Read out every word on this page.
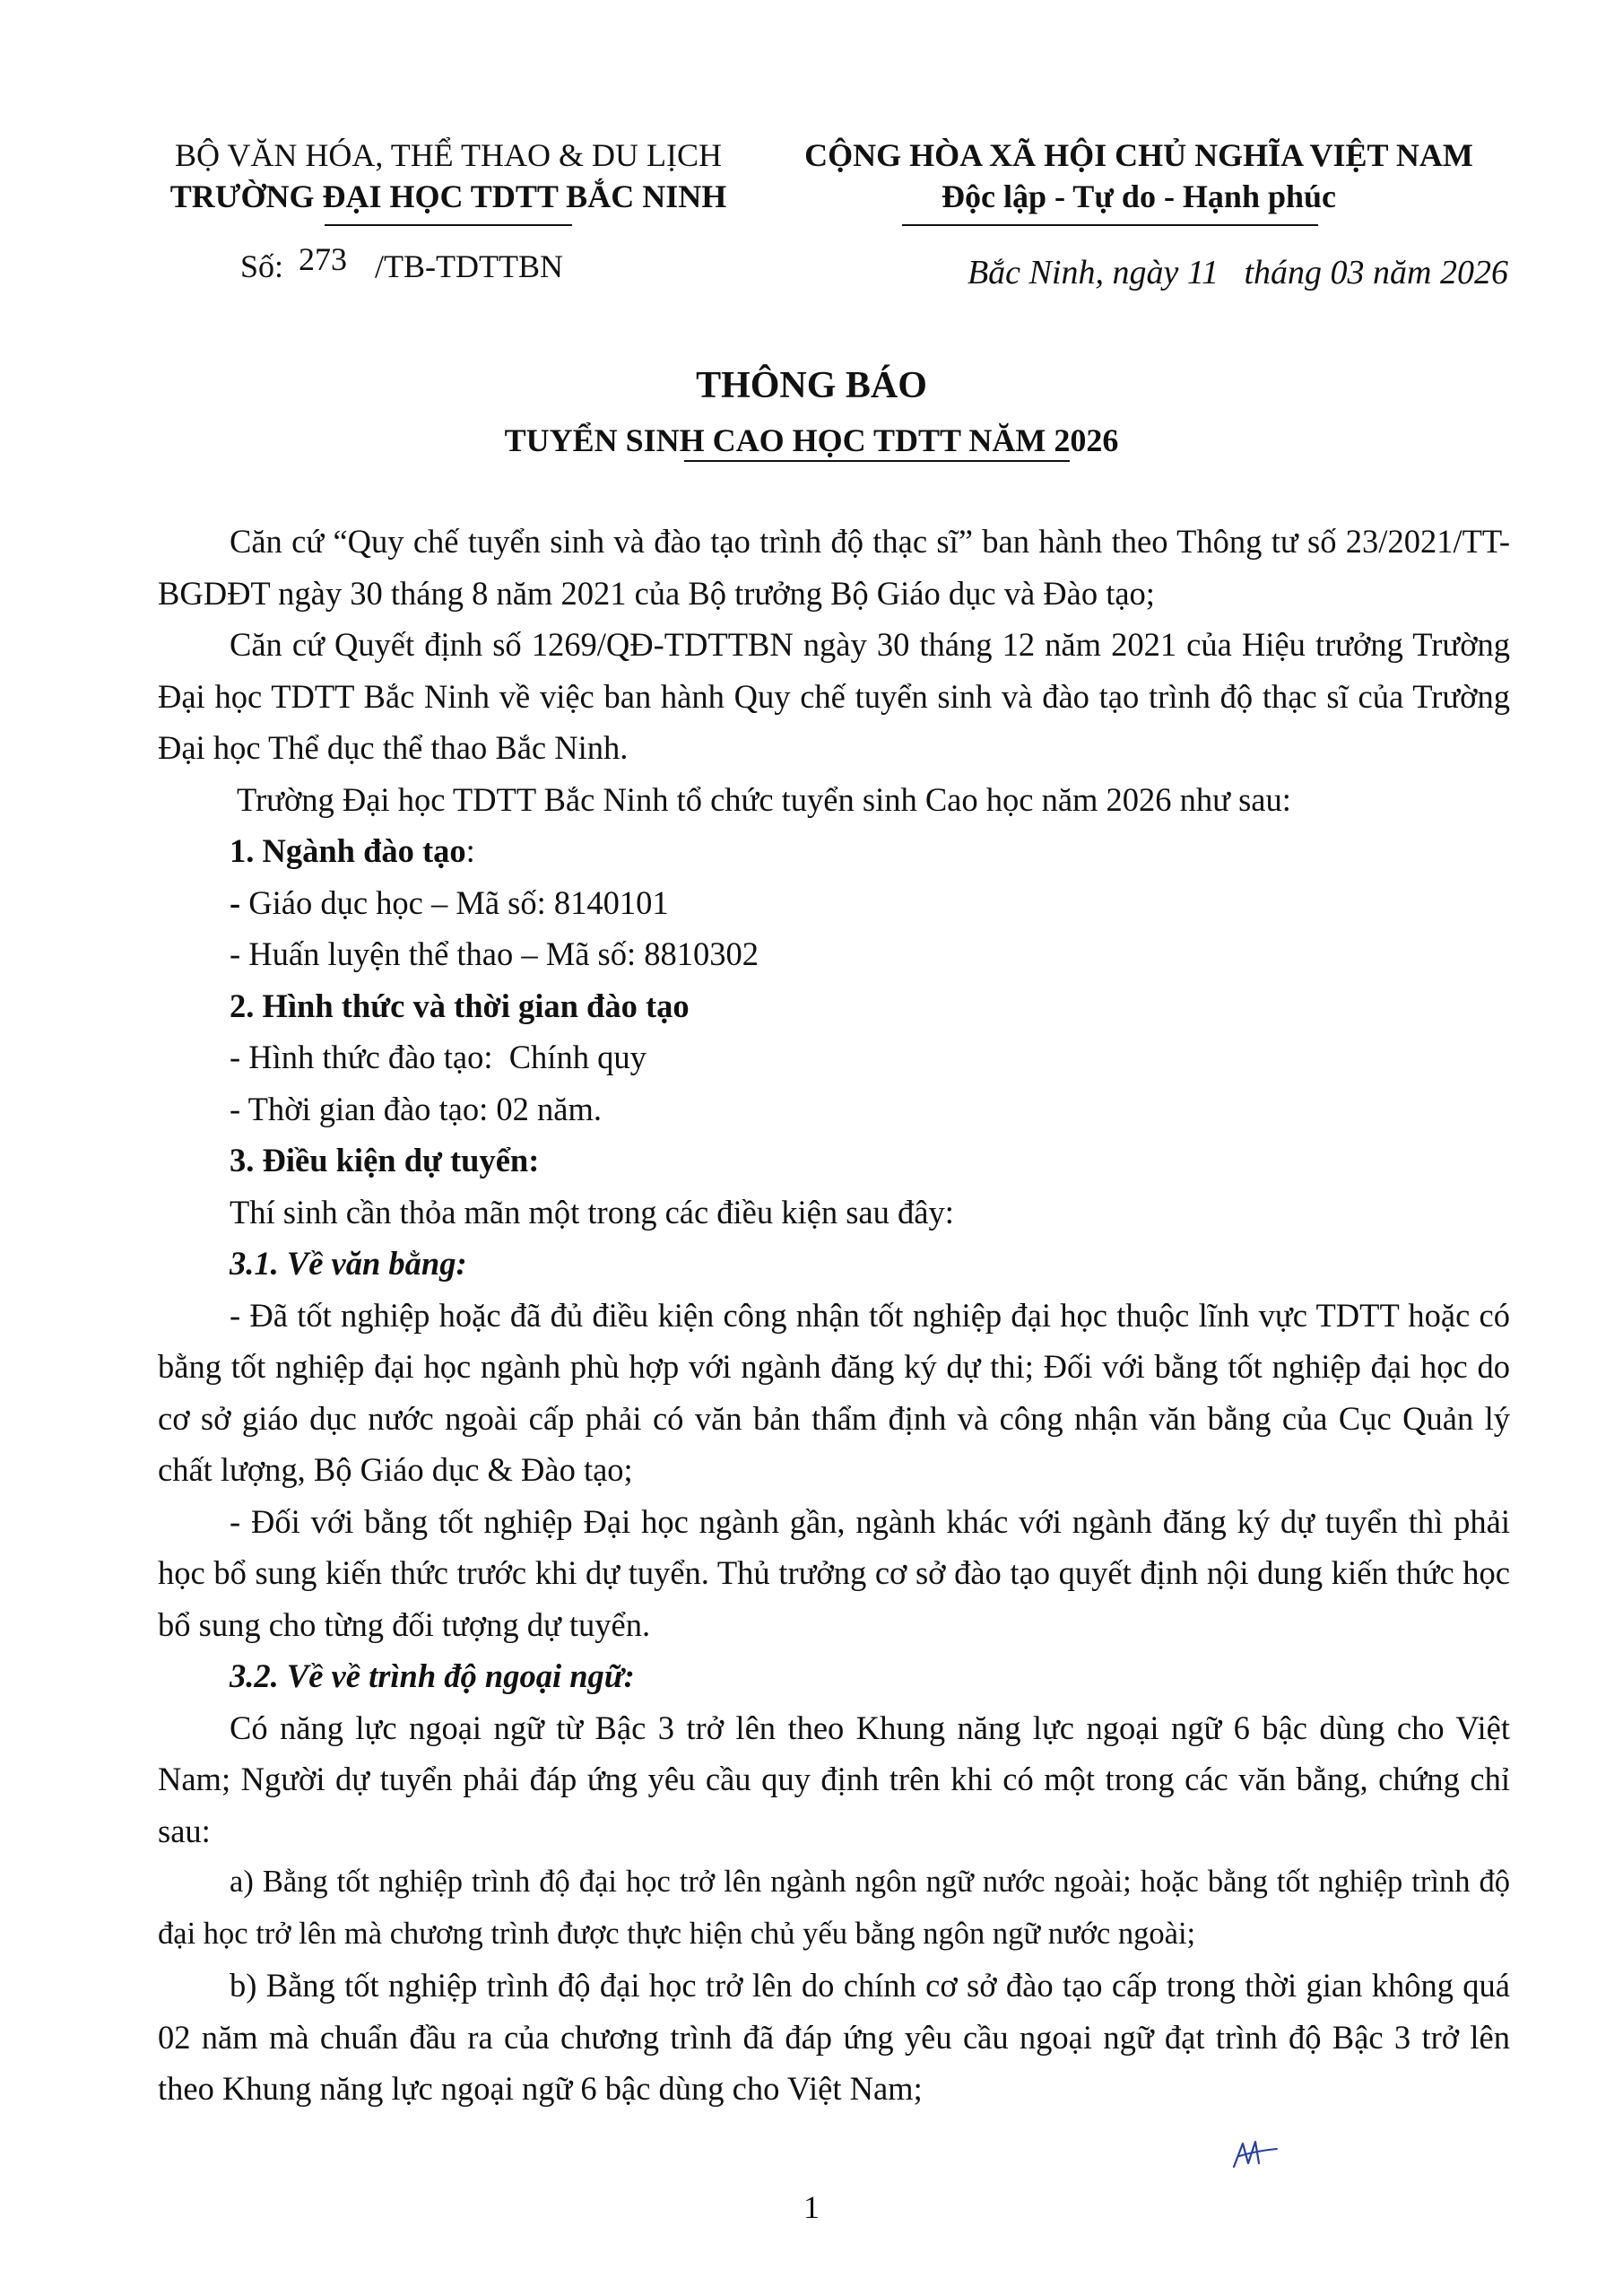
BỘ VĂN HÓA, THỂ THAO & DU LỊCH
TRƯỜNG ĐẠI HỌC TDTT BẮC NINH
CỘNG HÒA XÃ HỘI CHỦ NGHĨA VIỆT NAM
Độc lập - Tự do - Hạnh phúc
Số: 273 /TB-TDTTBN	Bắc Ninh, ngày 11   tháng 03 năm 2026
THÔNG BÁO
TUYỂN SINH CAO HỌC TDTT NĂM 2026

Căn cứ “Quy chế tuyển sinh và đào tạo trình độ thạc sĩ” ban hành theo Thông tư số 23/2021/TT-BGDĐT ngày 30 tháng 8 năm 2021 của Bộ trưởng Bộ Giáo dục và Đào tạo;

Căn cứ Quyết định số 1269/QĐ-TDTTBN ngày 30 tháng 12 năm 2021 của Hiệu trưởng Trường Đại học TDTT Bắc Ninh về việc ban hành Quy chế tuyển sinh và đào tạo trình độ thạc sĩ của Trường Đại học Thể dục thể thao Bắc Ninh.

Trường Đại học TDTT Bắc Ninh tổ chức tuyển sinh Cao học năm 2026 như sau:

1. Ngành đào tạo:

- Giáo dục học – Mã số: 8140101

- Huấn luyện thể thao – Mã số: 8810302

2. Hình thức và thời gian đào tạo

- Hình thức đào tạo:  Chính quy

- Thời gian đào tạo: 02 năm.

3. Điều kiện dự tuyển:

Thí sinh cần thỏa mãn một trong các điều kiện sau đây:

3.1. Về văn bằng:

- Đã tốt nghiệp hoặc đã đủ điều kiện công nhận tốt nghiệp đại học thuộc lĩnh vực TDTT hoặc có bằng tốt nghiệp đại học ngành phù hợp với ngành đăng ký dự thi; Đối với bằng tốt nghiệp đại học do cơ sở giáo dục nước ngoài cấp phải có văn bản thẩm định và công nhận văn bằng của Cục Quản lý chất lượng, Bộ Giáo dục & Đào tạo;

- Đối với bằng tốt nghiệp Đại học ngành gần, ngành khác với ngành đăng ký dự tuyển thì phải học bổ sung kiến thức trước khi dự tuyển. Thủ trưởng cơ sở đào tạo quyết định nội dung kiến thức học bổ sung cho từng đối tượng dự tuyển.

3.2. Về về trình độ ngoại ngữ:

Có năng lực ngoại ngữ từ Bậc 3 trở lên theo Khung năng lực ngoại ngữ 6 bậc dùng cho Việt Nam; Người dự tuyển phải đáp ứng yêu cầu quy định trên khi có một trong các văn bằng, chứng chỉ sau:

a) Bằng tốt nghiệp trình độ đại học trở lên ngành ngôn ngữ nước ngoài; hoặc bằng tốt nghiệp trình độ đại học trở lên mà chương trình được thực hiện chủ yếu bằng ngôn ngữ nước ngoài;

b) Bằng tốt nghiệp trình độ đại học trở lên do chính cơ sở đào tạo cấp trong thời gian không quá 02 năm mà chuẩn đầu ra của chương trình đã đáp ứng yêu cầu ngoại ngữ đạt trình độ Bậc 3 trở lên theo Khung năng lực ngoại ngữ 6 bậc dùng cho Việt Nam;

1
